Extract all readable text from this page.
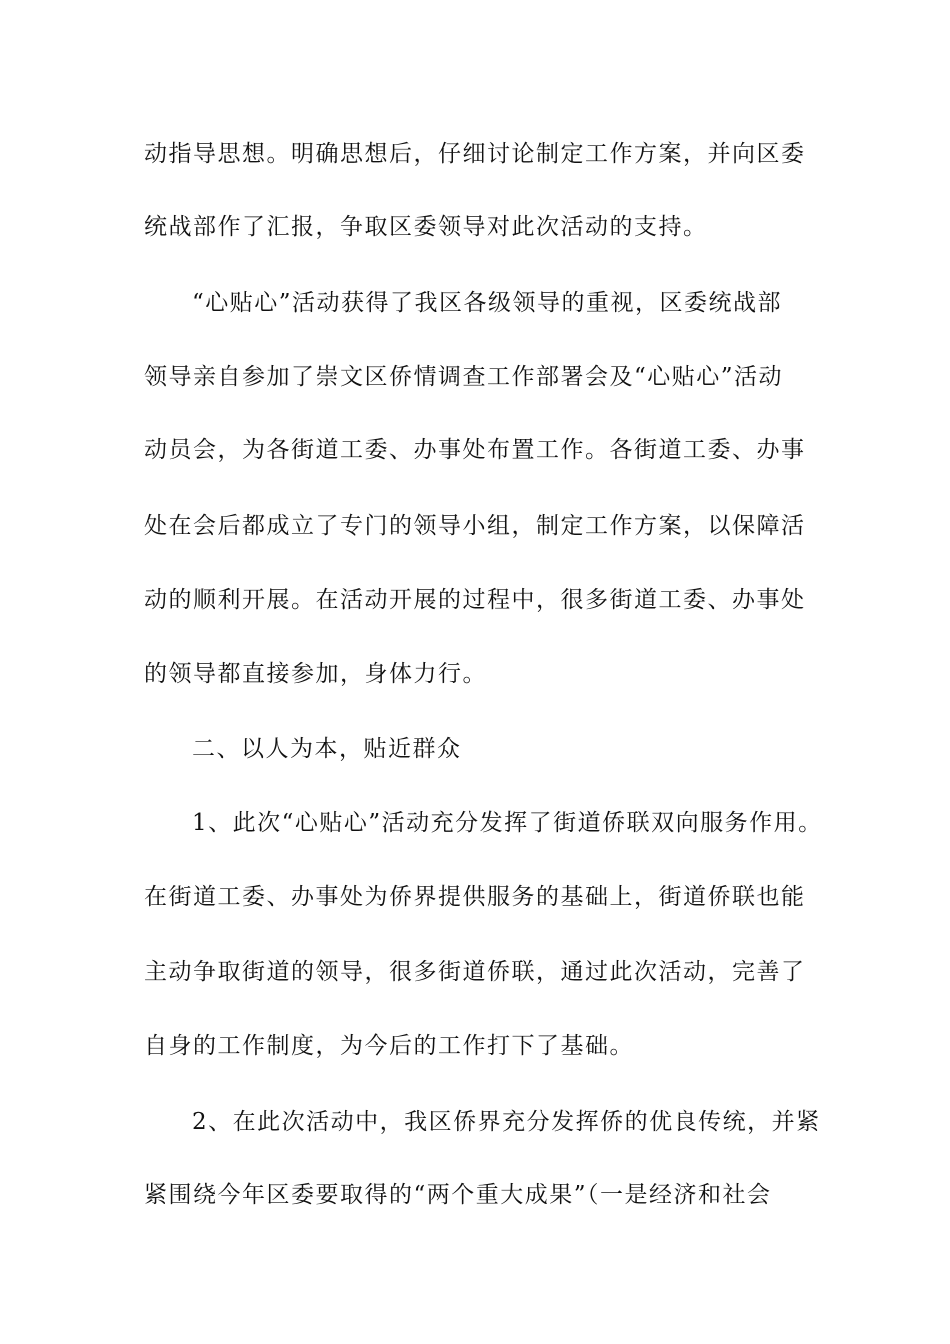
动指导思想。明确思想后，仔细讨论制定工作方案，并向区委
统战部作了汇报，争取区委领导对此次活动的支持。
“心贴心”活动获得了我区各级领导的重视，区委统战部
领导亲自参加了崇文区侨情调查工作部署会及“心贴心”活动
动员会，为各街道工委、办事处布置工作。各街道工委、办事
处在会后都成立了专门的领导小组，制定工作方案，以保障活
动的顺利开展。在活动开展的过程中，很多街道工委、办事处
的领导都直接参加，身体力行。
二、以人为本，贴近群众
1、此次“心贴心”活动充分发挥了街道侨联双向服务作用。
在街道工委、办事处为侨界提供服务的基础上，街道侨联也能
主动争取街道的领导，很多街道侨联，通过此次活动，完善了
自身的工作制度，为今后的工作打下了基础。
2、在此次活动中，我区侨界充分发挥侨的优良传统，并紧
紧围绕今年区委要取得的“两个重大成果”（一是经济和社会
